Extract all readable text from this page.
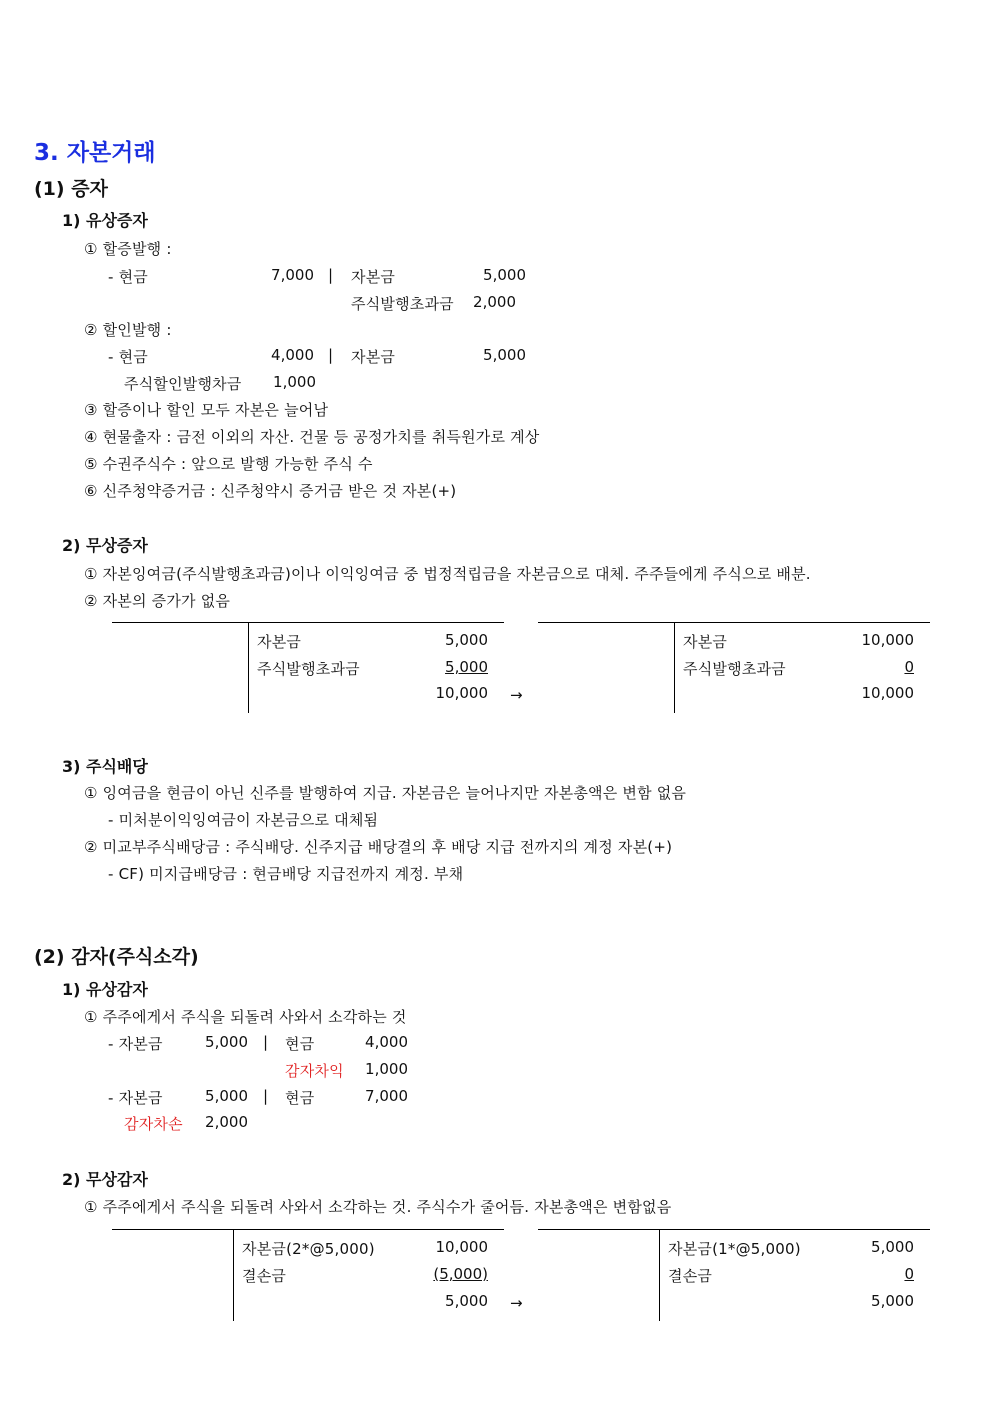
3. 자본거래
(1) 증자
1) 유상증자
① 할증발행 :
- 현금	7,000 | 자본금	5,000
주식발행초과금 2,000
② 할인발행 :
- 현금	4,000 | 자본금	5,000
주식할인발행차금 1,000
③ 할증이나 할인 모두 자본은 늘어남
④ 현물출자 : 금전 이외의 자산. 건물 등 공정가치를 취득원가로 계상
⑤ 수권주식수 : 앞으로 발행 가능한 주식 수
⑥ 신주청약증거금 : 신주청약시 증거금 받은 것 자본(+)
2) 무상증자
① 자본잉여금(주식발행초과금)이나 이익잉여금 중 법정적립금을 자본금으로 대체. 주주들에게 주식으로 배분.
② 자본의 증가가 없음
자본금	5,000
주식발행초과금	5,000
10,000 →
자본금	10,000
주식발행초과금	0
10,000
3) 주식배당
① 잉여금을 현금이 아닌 신주를 발행하여 지급. 자본금은 늘어나지만 자본총액은 변함 없음
- 미처분이익잉여금이 자본금으로 대체됨
② 미교부주식배당금 : 주식배당. 신주지급 배당결의 후 배당 지급 전까지의 계정 자본(+)
- CF) 미지급배당금 : 현금배당 지급전까지 계정. 부채
(2) 감자(주식소각)
1) 유상감자
① 주주에게서 주식을 되돌려 사와서 소각하는 것
- 자본금	5,000 | 현금	4,000
감자차익	1,000
- 자본금	5,000 | 현금	7,000
감자차손	2,000
2) 무상감자
① 주주에게서 주식을 되돌려 사와서 소각하는 것. 주식수가 줄어듬. 자본총액은 변함없음
자본금(2*@5,000)	10,000
결손금	(5,000)
5,000 →
자본금(1*@5,000)	5,000
결손금	0
5,000
